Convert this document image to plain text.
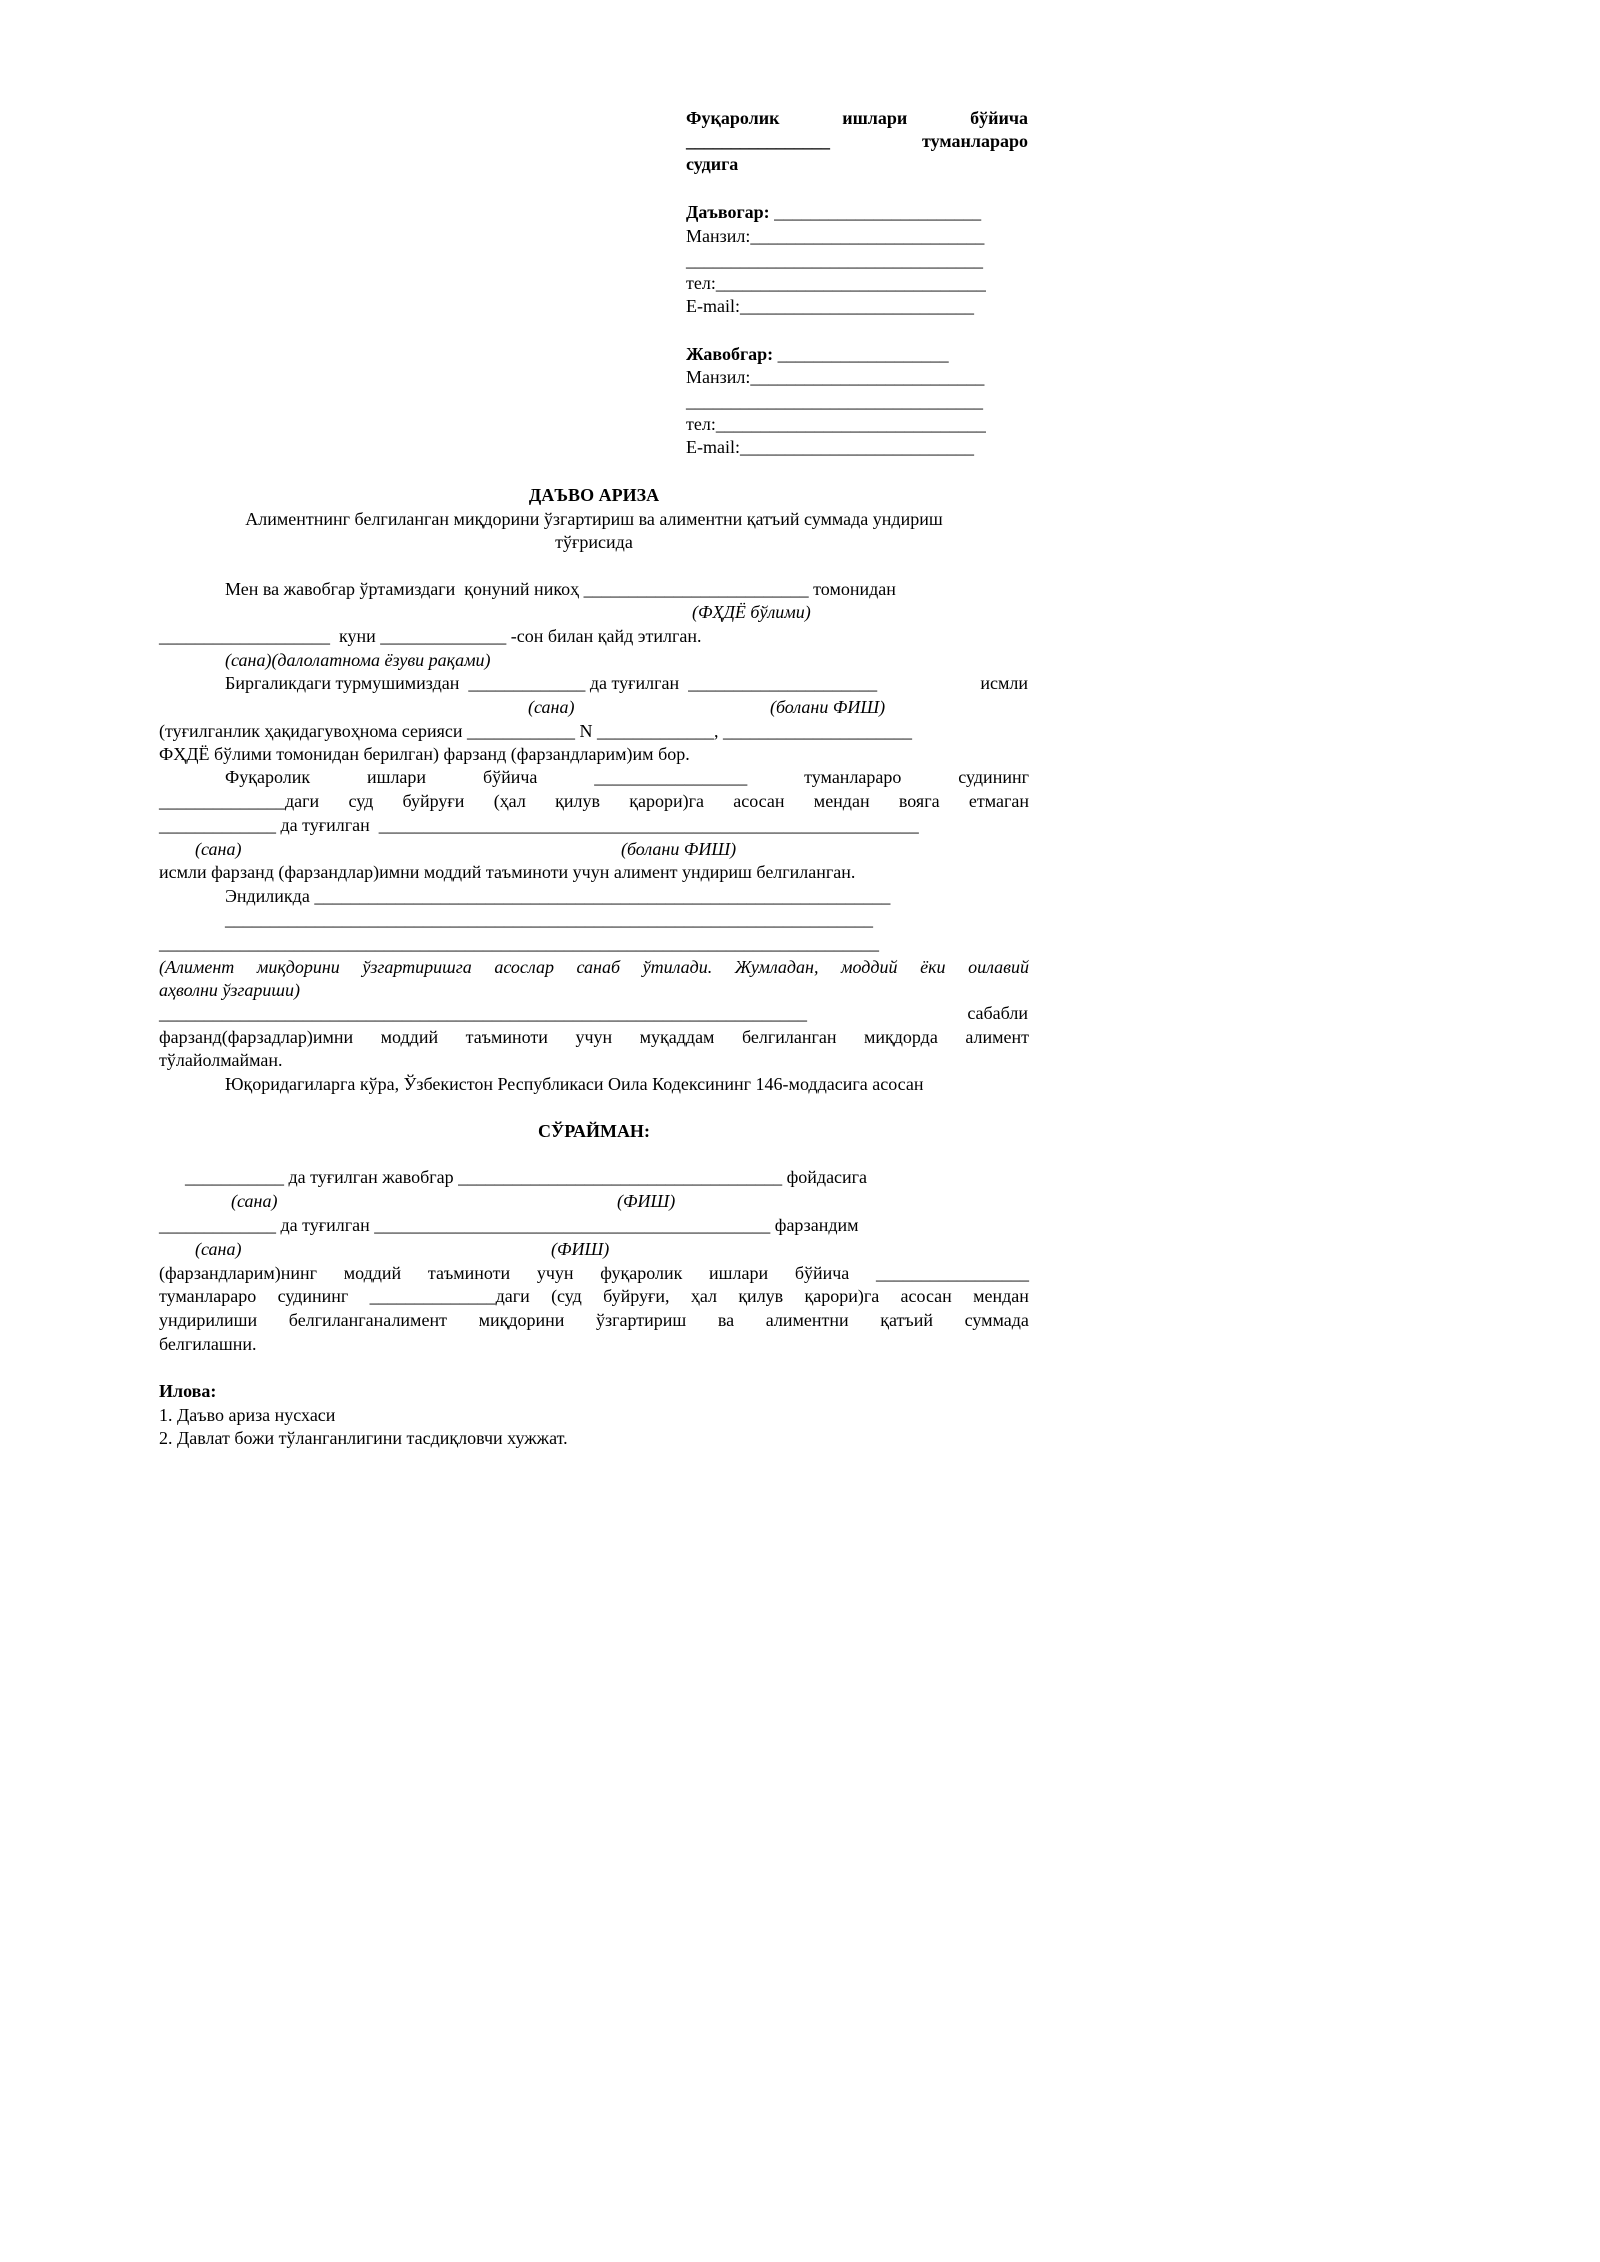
Фуқаролик	ишлари	бўйича
________________	туманлараро
судига
Даъвогар: _______________________
Манзил:__________________________
_________________________________
тел:______________________________
E-mail:__________________________
Жавобгар: ___________________
Манзил:__________________________
_________________________________
тел:______________________________
E-mail:__________________________
ДАЪВО АРИЗА
Алиментнинг белгиланган миқдорини ўзгартириш ва алиментни қатъий суммада ундириш
тўғрисида
Мен ва жавобгар ўртамиздаги  қонуний никоҳ _________________________ томонидан
(ФҲДЁ бўлими)
___________________  куни ______________ -сон билан қайд этилган.
(сана)(далолатнома ёзуви рақами)
Биргаликдаги турмушимиздан  _____________ да туғилган  _____________________	исмли
(сана)	(болани ФИШ)
(туғилганлик ҳақидагувоҳнома серияси ____________ N _____________, _____________________
ФҲДЁ бўлими томонидан берилган) фарзанд (фарзандларим)им бор.
Фуқаролик	ишлари	бўйича	_________________	туманлараро	судининг
______________даги суд буйруғи (ҳал қилув қарори)га асосан мендан вояга етмаган
_____________ да туғилган  ____________________________________________________________
(сана)	(болани ФИШ)
исмли фарзанд (фарзандлар)имни моддий таъминоти учун алимент ундириш белгиланган.
Эндиликда ________________________________________________________________
________________________________________________________________________
________________________________________________________________________________
(Алимент миқдорини ўзгартиришга асослар санаб ўтилади. Жумладан, моддий ёки оилавий
аҳволни ўзгариши)
________________________________________________________________________	сабабли
фарзанд(фарзадлар)имни моддий таъминоти учун муқаддам белгиланган миқдорда алимент
тўлайолмайман.
Юқоридагиларга кўра, Ўзбекистон Республикаси Оила Кодексининг 146-моддасига асосан
СЎРАЙМАН:
___________ да туғилган жавобгар ____________________________________ фойдасига
(сана)	(ФИШ)
_____________ да туғилган ____________________________________________ фарзандим
(сана)	(ФИШ)
(фарзандларим)нинг моддий таъминоти учун фуқаролик ишлари бўйича _________________
туманлараро судининг ______________даги (суд буйруғи, ҳал қилув қарори)га асосан мендан
ундирилиши белгиланганалимент миқдорини ўзгартириш ва алиментни қатъий суммада
белгилашни.
Илова:
1. Даъво ариза нусхаси
2. Давлат божи тўланганлигини тасдиқловчи хужжат.
